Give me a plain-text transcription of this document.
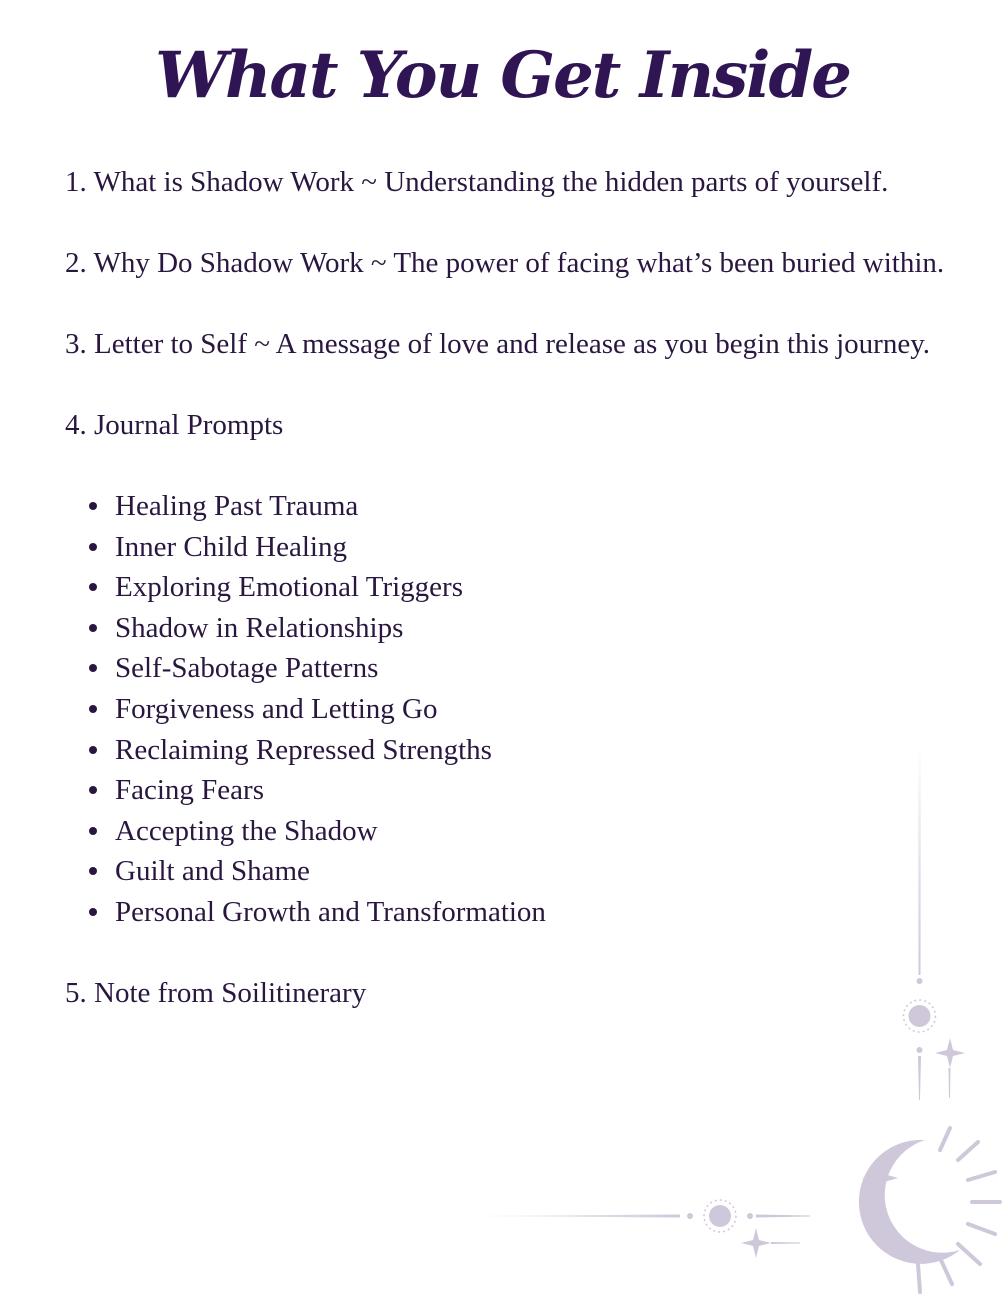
What You Get Inside

1. What is Shadow Work ~ Understanding the hidden parts of yourself.

2. Why Do Shadow Work ~ The power of facing what’s been buried within.

3. Letter to Self ~ A message of love and release as you begin this journey.

4. Journal Prompts

Healing Past Trauma
Inner Child Healing
Exploring Emotional Triggers
Shadow in Relationships
Self-Sabotage Patterns
Forgiveness and Letting Go
Reclaiming Repressed Strengths
Facing Fears
Accepting the Shadow
Guilt and Shame
Personal Growth and Transformation

5. Note from Soilitinerary
